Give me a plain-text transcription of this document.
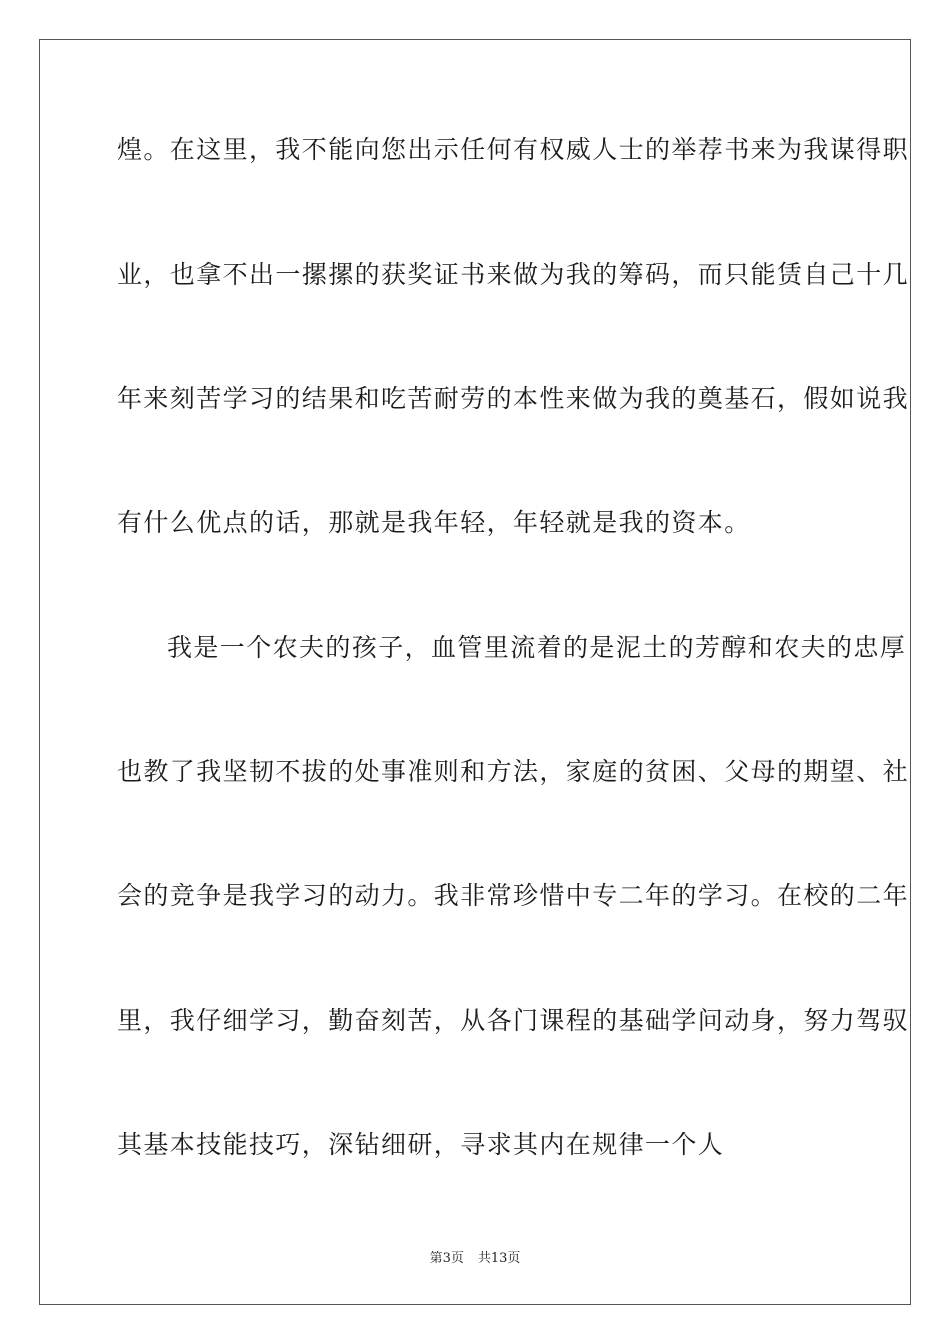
煌。在这里，我不能向您出示任何有权威人士的举荐书来为我谋得职
业，也拿不出一摞摞的获奖证书来做为我的筹码，而只能赁自己十几
年来刻苦学习的结果和吃苦耐劳的本性来做为我的奠基石，假如说我
有什么优点的话，那就是我年轻，年轻就是我的资本。
我是一个农夫的孩子，血管里流着的是泥土的芳醇和农夫的忠厚
也教了我坚韧不拔的处事准则和方法，家庭的贫困、父母的期望、社
会的竞争是我学习的动力。我非常珍惜中专二年的学习。在校的二年
里，我仔细学习，勤奋刻苦，从各门课程的基础学问动身，努力驾驭
其基本技能技巧，深钻细研，寻求其内在规律一个人
第3页 共13页
